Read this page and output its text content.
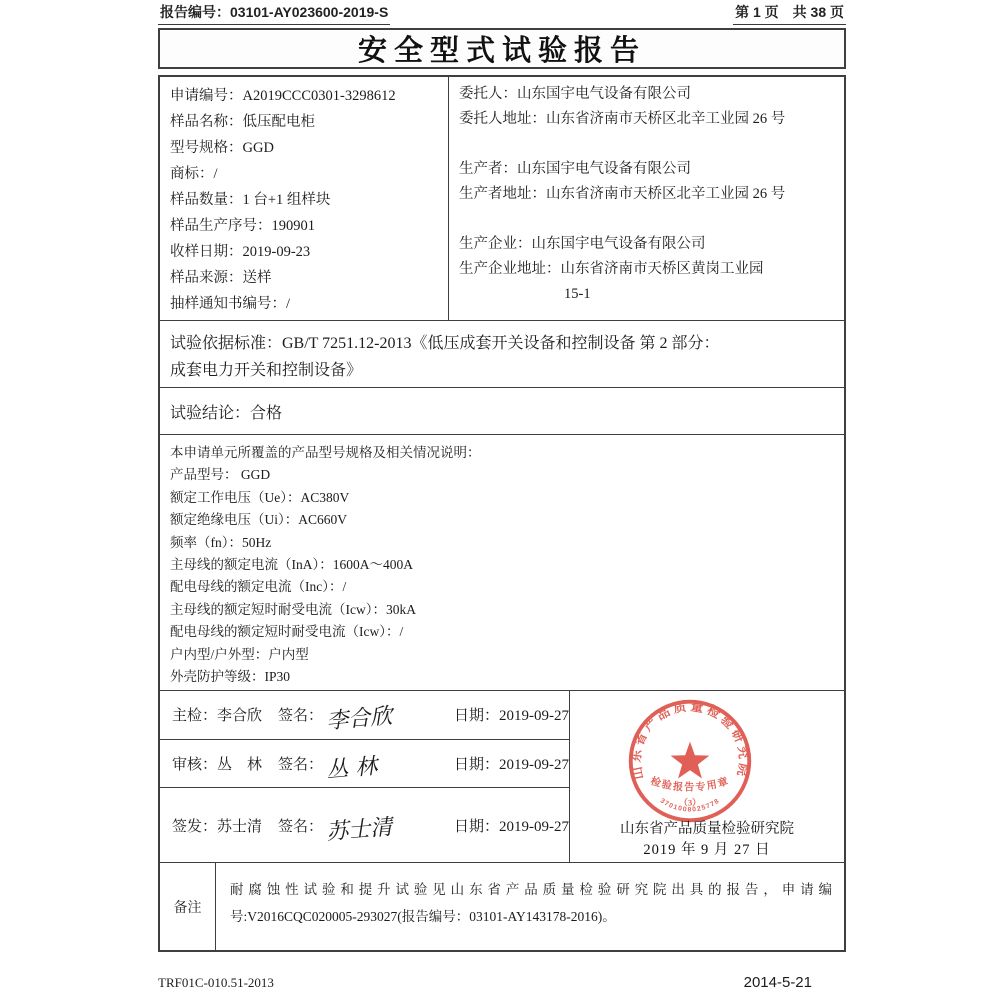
报告编号：03101-AY023600-2019-S	第 1 页　共 38 页
安全型式试验报告
申请编号：A2019CCC0301-3298612
样品名称：低压配电柜
型号规格：GGD
商标：/
样品数量：1 台+1 组样块
样品生产序号：190901
收样日期：2019-09-23
样品来源：送样
抽样通知书编号：/
委托人：山东国宇电气设备有限公司
委托人地址：山东省济南市天桥区北辛工业园 26 号
生产者：山东国宇电气设备有限公司
生产者地址：山东省济南市天桥区北辛工业园 26 号
生产企业：山东国宇电气设备有限公司
生产企业地址：山东省济南市天桥区黄岗工业园
15-1
试验依据标准：GB/T 7251.12-2013《低压成套开关设备和控制设备 第 2 部分：
成套电力开关和控制设备》
试验结论：合格
本申请单元所覆盖的产品型号规格及相关情况说明：
产品型号： GGD
额定工作电压（Ue）：AC380V
额定绝缘电压（Ui）：AC660V
频率（fn）：50Hz
主母线的额定电流（InA）：1600A～400A
配电母线的额定电流（Inc）：/
主母线的额定短时耐受电流（Icw）：30kA
配电母线的额定短时耐受电流（Icw）：/
户内型/户外型：户内型
外壳防护等级：IP30
主检：李合欣	签名： 李合欣	日期：2019-09-27
审核：丛　林	签名： 丛 林	日期：2019-09-27
签发：苏士清	签名： 苏士清	日期：2019-09-27
山东省产品质量检验研究院
检验报告专用章
（3）
3701008025778
山东省产品质量检验研究院
2019 年 9 月 27 日
备注
耐腐蚀性试验和提升试验见山东省产品质量检验研究院出具的报告，申请编
号:V2016CQC020005-293027(报告编号：03101-AY143178-2016)。
TRF01C-010.51-2013	2014-5-21
